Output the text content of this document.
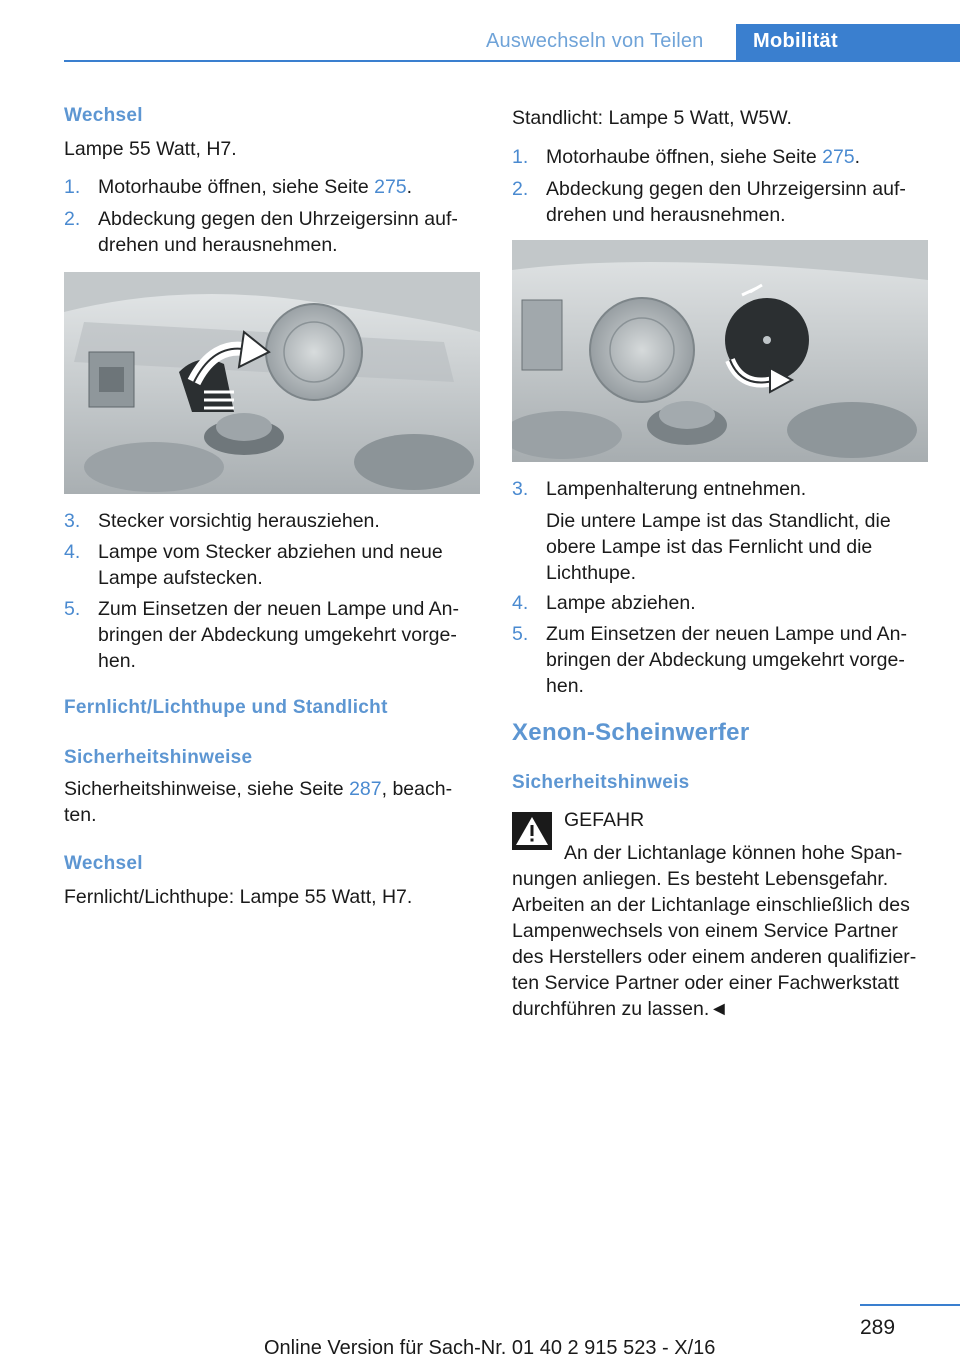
Auswechseln von Teilen Mobilität
Wechsel
Lampe 55 Watt, H7.
1. Motorhaube öffnen, siehe Seite 275.
2. Abdeckung gegen den Uhrzeigersinn auf-
drehen und herausnehmen.
3. Stecker vorsichtig herausziehen.
4. Lampe vom Stecker abziehen und neue
Lampe aufstecken.
5. Zum Einsetzen der neuen Lampe und An-
bringen der Abdeckung umgekehrt vorge-
hen.
Fernlicht/Lichthupe und Standlicht
Sicherheitshinweise
Sicherheitshinweise, siehe Seite 287, beach-
ten.
Wechsel
Fernlicht/Lichthupe: Lampe 55 Watt, H7.
Standlicht: Lampe 5 Watt, W5W.
1. Motorhaube öffnen, siehe Seite 275.
2. Abdeckung gegen den Uhrzeigersinn auf-
drehen und herausnehmen.
3. Lampenhalterung entnehmen.
Die untere Lampe ist das Standlicht, die
obere Lampe ist das Fernlicht und die
Lichthupe.
4. Lampe abziehen.
5. Zum Einsetzen der neuen Lampe und An-
bringen der Abdeckung umgekehrt vorge-
hen.
Xenon-Scheinwerfer
Sicherheitshinweis
GEFAHR
An der Lichtanlage können hohe Span-
nungen anliegen. Es besteht Lebensgefahr.
Arbeiten an der Lichtanlage einschließlich des
Lampenwechsels von einem Service Partner
des Herstellers oder einem anderen qualifizier-
ten Service Partner oder einer Fachwerkstatt
durchführen zu lassen.◄
289
Online Version für Sach-Nr. 01 40 2 915 523 - X/16
